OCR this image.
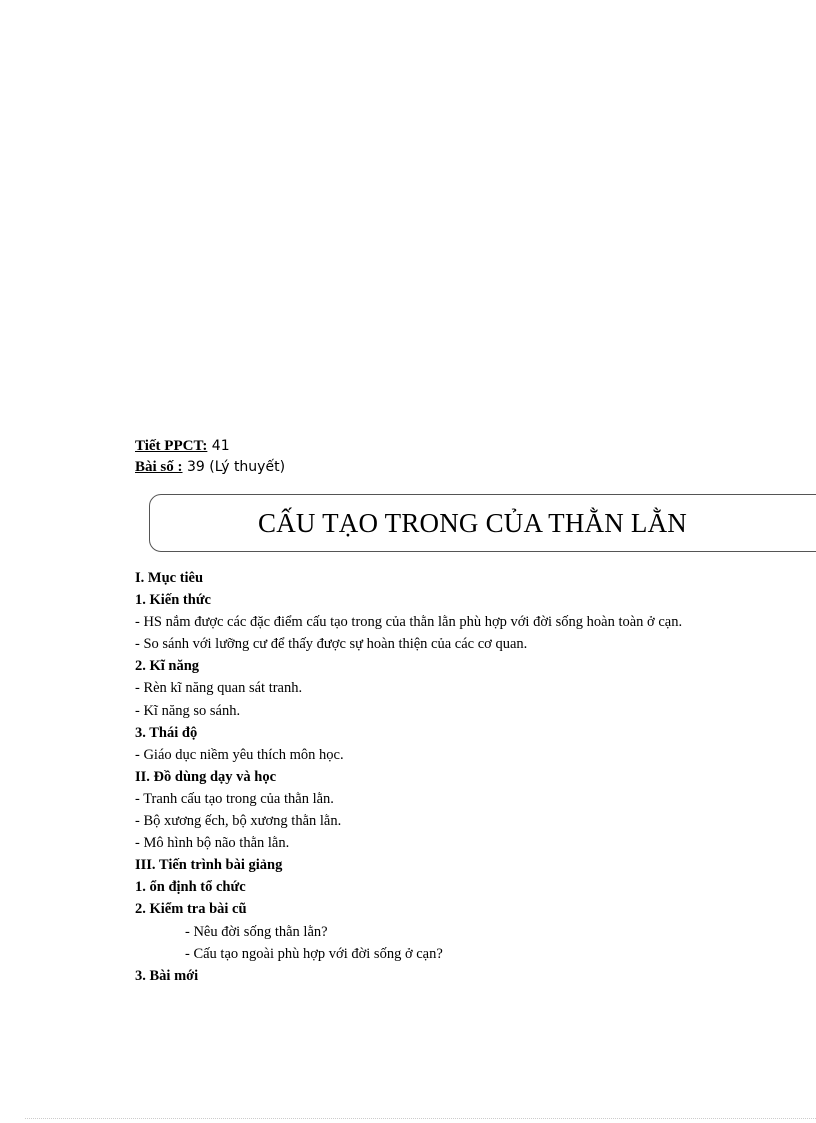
Tiết PPCT: 41
Bài số : 39 (Lý thuyết)
CẤU TẠO TRONG CỦA THẰN LẰN
I. Mục tiêu
1. Kiến thức
- HS nắm được các đặc điểm cấu tạo trong của thằn lằn phù hợp với đời sống hoàn toàn ở cạn.
- So sánh với lưỡng cư để thấy được sự hoàn thiện của các cơ quan.
2. Kĩ năng
- Rèn kĩ năng quan sát tranh.
- Kĩ năng so sánh.
3. Thái độ
- Giáo dục niềm yêu thích môn học.
II. Đồ dùng dạy và học
- Tranh cấu tạo trong của thằn lằn.
- Bộ xương ếch, bộ xương thằn lằn.
- Mô hình bộ não thằn lằn.
III. Tiến trình bài giảng
1. ổn định tổ chức
2. Kiểm tra bài cũ
- Nêu đời sống thằn lằn?
- Cấu tạo ngoài phù hợp với đời sống ở cạn?
3. Bài mới
